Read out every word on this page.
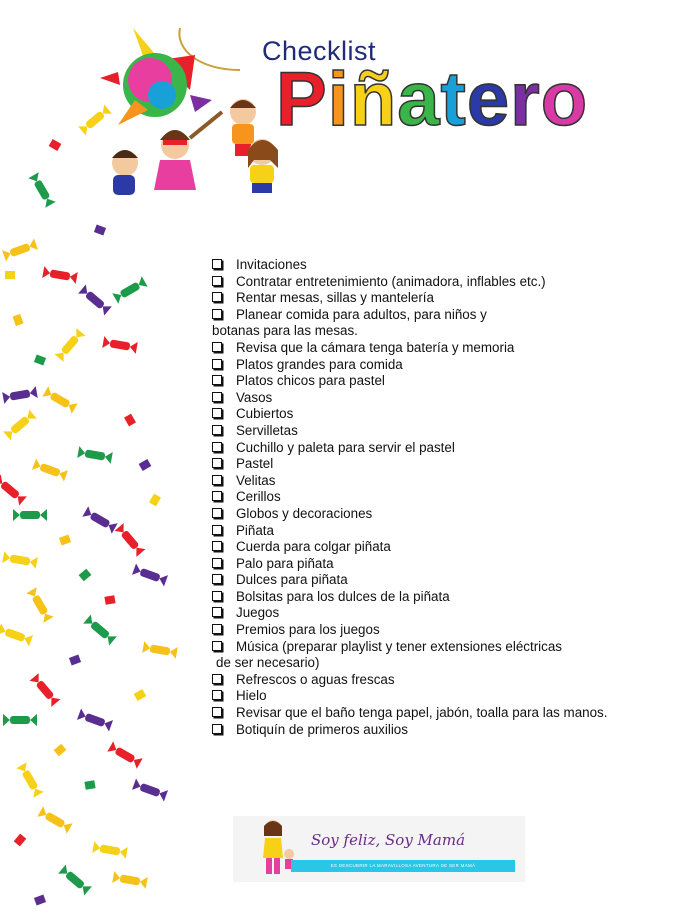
Checklist
Piñatero
Invitaciones
Contratar entretenimiento (animadora, inflables etc.)
Rentar mesas, sillas y mantelería
Planear comida para adultos, para niños y
botanas para las mesas.
Revisa que la cámara tenga batería y memoria
Platos grandes para comida
Platos chicos para pastel
Vasos
Cubiertos
Servilletas
Cuchillo y paleta para servir el pastel
Pastel
Velitas
Cerillos
Globos y decoraciones
Piñata
Cuerda para colgar piñata
Palo para piñata
Dulces para piñata
Bolsitas para los dulces de la piñata
Juegos
Premios para los juegos
Música (preparar playlist y tener extensiones eléctricas
de ser necesario)
Refrescos o aguas frescas
Hielo
Revisar que el baño tenga papel, jabón, toalla para las manos.
Botiquín de primeros auxilios
Soy feliz, Soy Mamá
ES DESCUBRIR LA MARAVILLOSA AVENTURA DE SER MAMÁ
